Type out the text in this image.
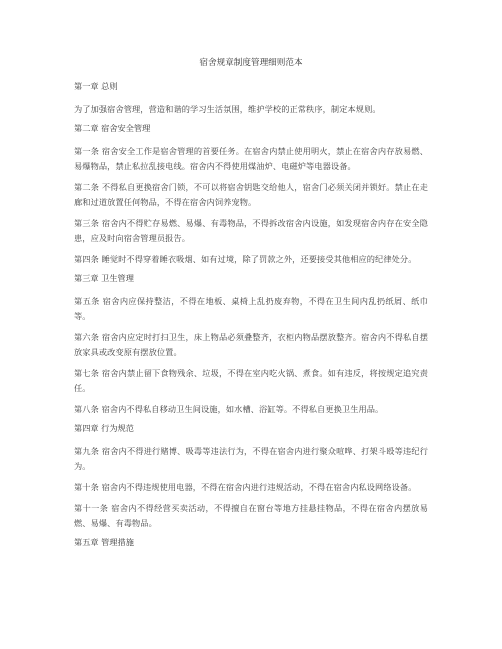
宿舍规章制度管理细则范本
第一章 总则
为了加强宿舍管理，营造和谐的学习生活氛围，维护学校的正常秩序，制定本规则。
第二章 宿舍安全管理
第一条 宿舍安全工作是宿舍管理的首要任务。在宿舍内禁止使用明火，禁止在宿舍内存放易燃、易爆物品，禁止私拉乱接电线。宿舍内不得使用煤油炉、电磁炉等电器设备。
第二条 不得私自更换宿舍门锁，不可以将宿舍钥匙交给他人，宿舍门必须关闭并锁好。禁止在走廊和过道放置任何物品，不得在宿舍内饲养宠物。
第三条 宿舍内不得贮存易燃、易爆、有毒物品，不得拆改宿舍内设施，如发现宿舍内存在安全隐患，应及时向宿舍管理员报告。
第四条 睡觉时不得穿着睡衣吸烟、如有过境，除了罚款之外，还要接受其他相应的纪律处分。
第三章 卫生管理
第五条 宿舍内应保持整洁，不得在地板、桌椅上乱扔废弃物，不得在卫生间内乱扔纸屑、纸巾等。
第六条 宿舍内应定时打扫卫生，床上物品必须叠整齐，衣柜内物品摆放整齐。宿舍内不得私自摆放家具或改变原有摆放位置。
第七条 宿舍内禁止留下食物残余、垃圾，不得在室内吃火锅、煮食。如有违反，将按规定追究责任。
第八条 宿舍内不得私自移动卫生间设施，如水槽、浴缸等。不得私自更换卫生用品。
第四章 行为规范
第九条 宿舍内不得进行赌博、吸毒等违法行为，不得在宿舍内进行聚众喧哗、打架斗殴等违纪行为。
第十条 宿舍内不得违规使用电器，不得在宿舍内进行违规活动，不得在宿舍内私设网络设备。
第十一条 宿舍内不得经营买卖活动，不得擅自在窗台等地方挂悬挂物品，不得在宿舍内摆放易燃、易爆、有毒物品。
第五章 管理措施
